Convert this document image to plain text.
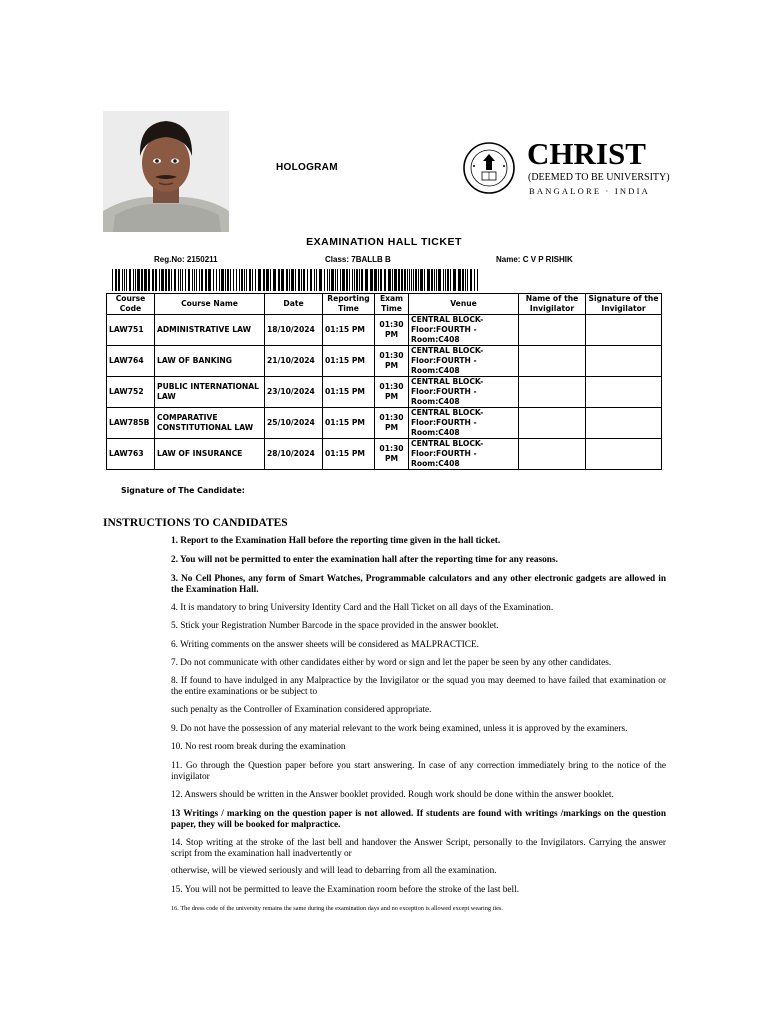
HOLOGRAM	CHRIST
(DEEMED TO BE UNIVERSITY)
BANGALORE · INDIA
EXAMINATION HALL TICKET
Reg.No: 2150211	Class: 7BALLB B	Name: C V P RISHIK
Course Code	Course Name	Date	Reporting Time	Exam Time	Venue	Name of the Invigilator	Signature of the Invigilator
LAW751	ADMINISTRATIVE LAW	18/10/2024	01:15 PM	01:30 PM	CENTRAL BLOCK-Floor:FOURTH -Room:C408		
LAW764	LAW OF BANKING	21/10/2024	01:15 PM	01:30 PM	CENTRAL BLOCK-Floor:FOURTH -Room:C408		
LAW752	PUBLIC INTERNATIONAL LAW	23/10/2024	01:15 PM	01:30 PM	CENTRAL BLOCK-Floor:FOURTH -Room:C408		
LAW785B	COMPARATIVE CONSTITUTIONAL LAW	25/10/2024	01:15 PM	01:30 PM	CENTRAL BLOCK-Floor:FOURTH -Room:C408		
LAW763	LAW OF INSURANCE	28/10/2024	01:15 PM	01:30 PM	CENTRAL BLOCK-Floor:FOURTH -Room:C408		
Signature of The Candidate:
INSTRUCTIONS TO CANDIDATES
1. Report to the Examination Hall before the reporting time given in the hall ticket.
2. You will not be permitted to enter the examination hall after the reporting time for any reasons.
3. No Cell Phones, any form of Smart Watches, Programmable calculators and any other electronic gadgets are allowed in the Examination Hall.
4. It is mandatory to bring University Identity Card and the Hall Ticket on all days of the Examination.
5. Stick your Registration Number Barcode in the space provided in the answer booklet.
6. Writing comments on the answer sheets will be considered as MALPRACTICE.
7. Do not communicate with other candidates either by word or sign and let the paper be seen by any other candidates.
8. If found to have indulged in any Malpractice by the Invigilator or the squad you may deemed to have failed that examination or the entire examinations or be subject to
such penalty as the Controller of Examination considered appropriate.
9. Do not have the possession of any material relevant to the work being examined, unless it is approved by the examiners.
10. No rest room break during the examination
11. Go through the Question paper before you start answering. In case of any correction immediately bring to the notice of the invigilator
12. Answers should be written in the Answer booklet provided. Rough work should be done within the answer booklet.
13 Writings / marking on the question paper is not allowed. If students are found with writings /markings on the question paper, they will be booked for malpractice.
14. Stop writing at the stroke of the last bell and handover the Answer Script, personally to the Invigilators. Carrying the answer script from the examination hall inadvertently or
otherwise, will be viewed seriously and will lead to debarring from all the examination.
15. You will not be permitted to leave the Examination room before the stroke of the last bell.
16. The dress code of the university remains the same during the examination days and no exception is allowed except wearing ties.
